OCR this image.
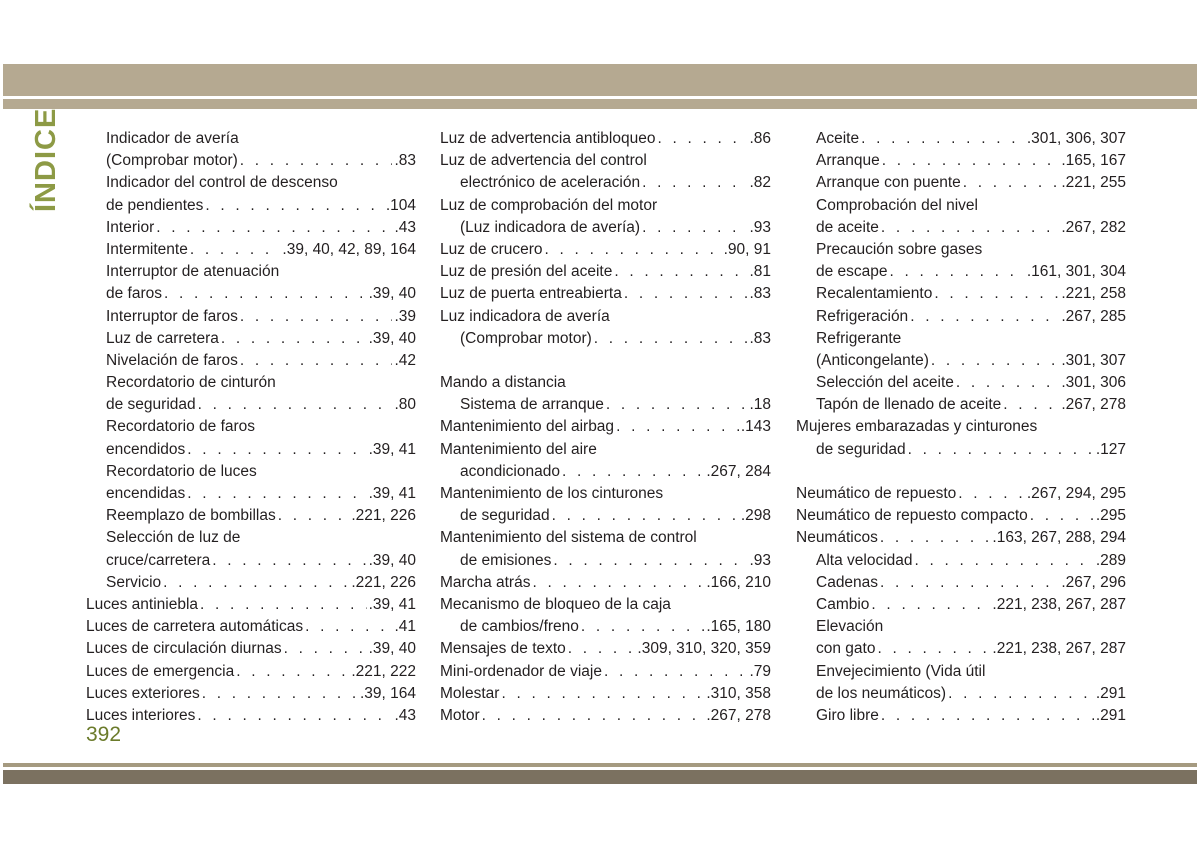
ÍNDICE	Indicador de avería
(Comprobar motor) . . .	.83
Indicador del control de descenso
de pendientes . . .	.104
Interior . . .	.43
Intermitente . . .	.39, 40, 42, 89, 164
Interruptor de atenuación
de faros . . .	.39, 40
Interruptor de faros . . .	.39
Luz de carretera . . .	.39, 40
Nivelación de faros . . .	.42
Recordatorio de cinturón
de seguridad . . .	.80
Recordatorio de faros
encendidos . . .	.39, 41
Recordatorio de luces
encendidas . . .	.39, 41
Reemplazo de bombillas . . .	.221, 226
Selección de luz de
cruce/carretera . . .	.39, 40
Servicio . . .	.221, 226
Luces antiniebla . . .	.39, 41
Luces de carretera automáticas . . .	.41
Luces de circulación diurnas . . .	.39, 40
Luces de emergencia . . .	.221, 222
Luces exteriores . . .	.39, 164
Luces interiores . . .	.43
Luz de advertencia antibloqueo . . .	.86
Luz de advertencia del control
electrónico de aceleración . . .	.82
Luz de comprobación del motor
(Luz indicadora de avería) . . .	.93
Luz de crucero . . .	.90, 91
Luz de presión del aceite . . .	.81
Luz de puerta entreabierta . . .	.83
Luz indicadora de avería
(Comprobar motor) . . .	.83
Mando a distancia
Sistema de arranque . . .	.18
Mantenimiento del airbag . . .	.143
Mantenimiento del aire
acondicionado . . .	.267, 284
Mantenimiento de los cinturones
de seguridad . . .	.298
Mantenimiento del sistema de control
de emisiones . . .	.93
Marcha atrás . . .	.166, 210
Mecanismo de bloqueo de la caja
de cambios/freno . . .	.165, 180
Mensajes de texto . . .	.309, 310, 320, 359
Mini-ordenador de viaje . . .	.79
Molestar . . .	.310, 358
Motor . . .	.267, 278
Aceite . . .	.301, 306, 307
Arranque . . .	.165, 167
Arranque con puente . . .	.221, 255
Comprobación del nivel
de aceite . . .	.267, 282
Precaución sobre gases
de escape . . .	.161, 301, 304
Recalentamiento . . .	.221, 258
Refrigeración . . .	.267, 285
Refrigerante
(Anticongelante) . . .	.301, 307
Selección del aceite . . .	.301, 306
Tapón de llenado de aceite . . .	.267, 278
Mujeres embarazadas y cinturones
de seguridad . . .	.127
Neumático de repuesto . . .	.267, 294, 295
Neumático de repuesto compacto . . .	.295
Neumáticos . . .	.163, 267, 288, 294
Alta velocidad . . .	.289
Cadenas . . .	.267, 296
Cambio . . .	.221, 238, 267, 287
Elevación
con gato . . .	.221, 238, 267, 287
Envejecimiento (Vida útil
de los neumáticos) . . .	.291
Giro libre . . .	.291
392
